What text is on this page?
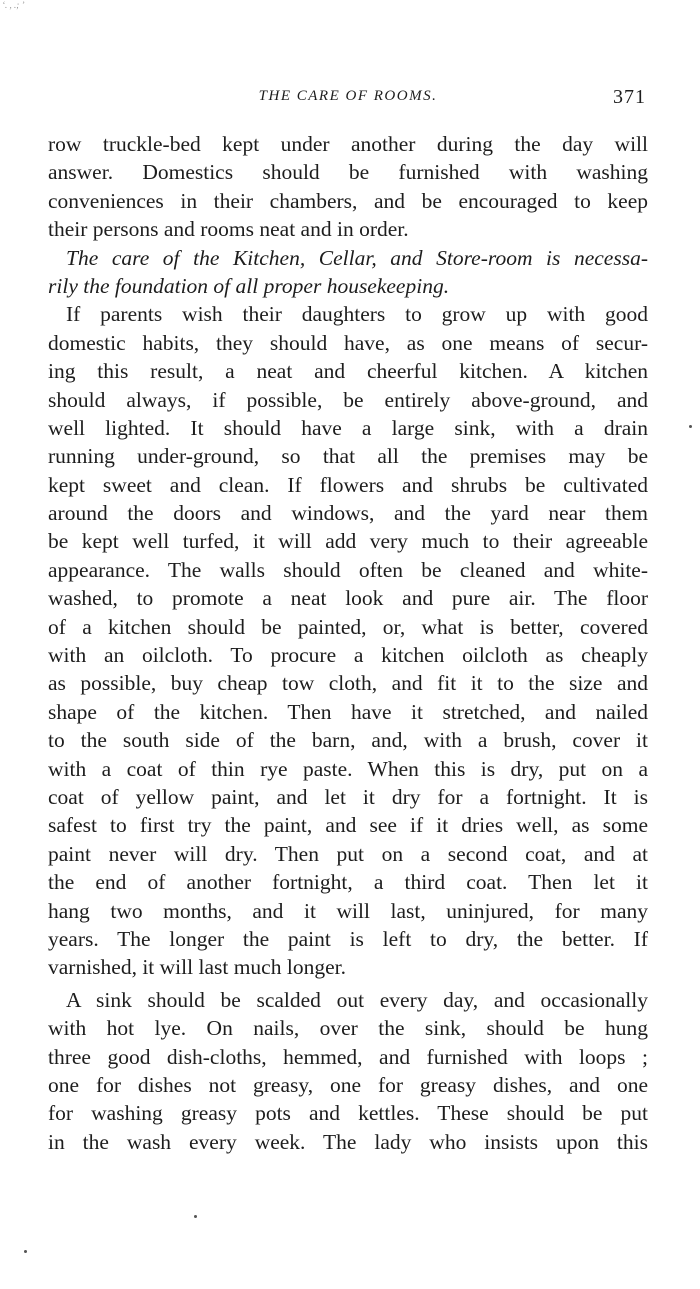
‘. , .; ’
THE CARE OF ROOMS.	371
row truckle-bed kept under another during the day will
answer. Domestics should be furnished with washing
conveniences in their chambers, and be encouraged to keep
their persons and rooms neat and in order.
The care of the Kitchen, Cellar, and Store-room is necessa-
rily the foundation of all proper housekeeping.
If parents wish their daughters to grow up with good
domestic habits, they should have, as one means of secur-
ing this result, a neat and cheerful kitchen. A kitchen
should always, if possible, be entirely above-ground, and
well lighted. It should have a large sink, with a drain
running under-ground, so that all the premises may be
kept sweet and clean. If flowers and shrubs be cultivated
around the doors and windows, and the yard near them
be kept well turfed, it will add very much to their agreeable
appearance. The walls should often be cleaned and white-
washed, to promote a neat look and pure air. The floor
of a kitchen should be painted, or, what is better, covered
with an oilcloth. To procure a kitchen oilcloth as cheaply
as possible, buy cheap tow cloth, and fit it to the size and
shape of the kitchen. Then have it stretched, and nailed
to the south side of the barn, and, with a brush, cover it
with a coat of thin rye paste. When this is dry, put on a
coat of yellow paint, and let it dry for a fortnight. It is
safest to first try the paint, and see if it dries well, as some
paint never will dry. Then put on a second coat, and at
the end of another fortnight, a third coat. Then let it
hang two months, and it will last, uninjured, for many
years. The longer the paint is left to dry, the better. If
varnished, it will last much longer.
A sink should be scalded out every day, and occasionally
with hot lye. On nails, over the sink, should be hung
three good dish-cloths, hemmed, and furnished with loops ;
one for dishes not greasy, one for greasy dishes, and one
for washing greasy pots and kettles. These should be put
in the wash every week. The lady who insists upon this
